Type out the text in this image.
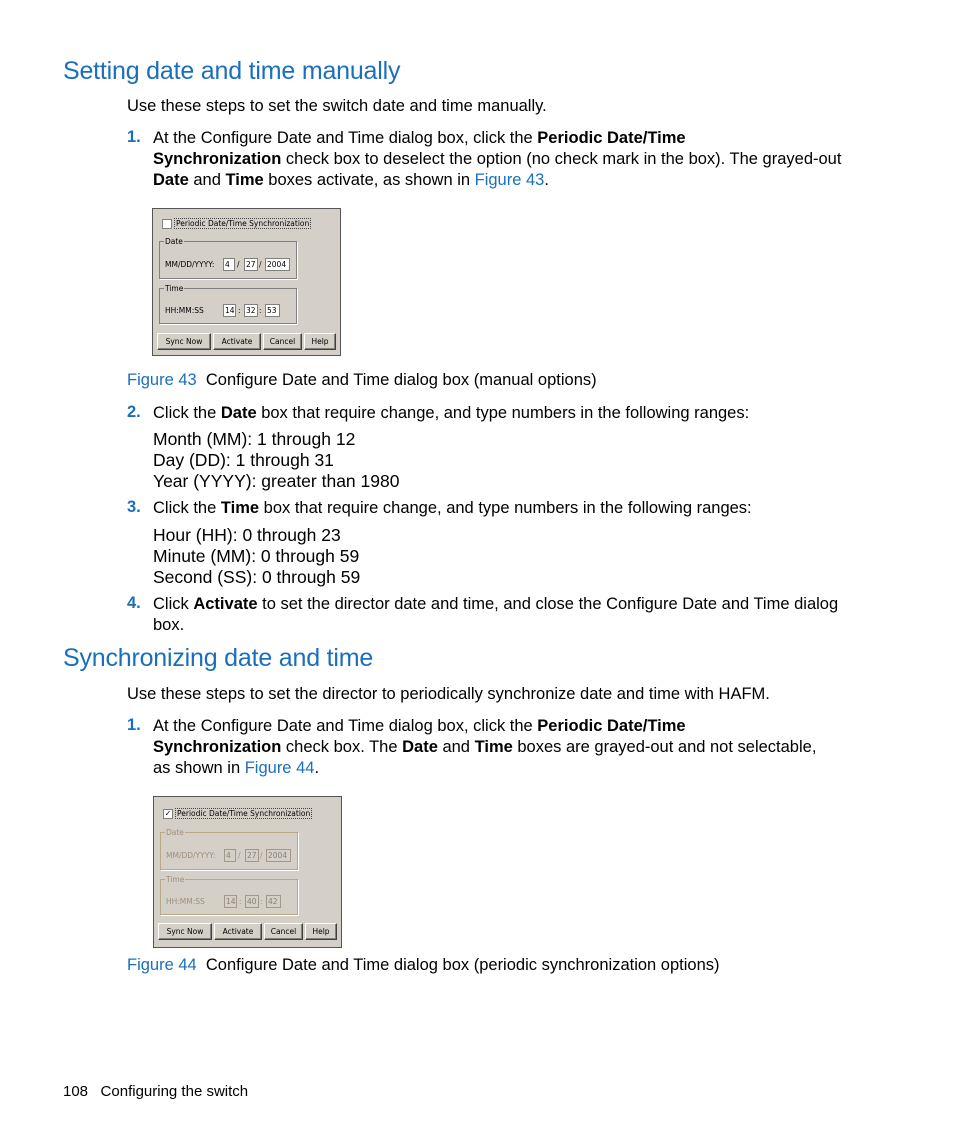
Setting date and time manually
Use these steps to set the switch date and time manually.
1. At the Configure Date and Time dialog box, click the Periodic Date/Time
Synchronization check box to deselect the option (no check mark in the box). The grayed-out
Date and Time boxes activate, as shown in Figure 43.
Periodic Date/Time Synchronization
Date
MM/DD/YYYY: 4 / 27 / 2004
Time
HH:MM:SS	14 : 32 : 53
Sync Now	Activate	Cancel	Help
Figure 43 Configure Date and Time dialog box (manual options)
2. Click the Date box that require change, and type numbers in the following ranges:
Month (MM): 1 through 12
Day (DD): 1 through 31
Year (YYYY): greater than 1980
3. Click the Time box that require change, and type numbers in the following ranges:
Hour (HH): 0 through 23
Minute (MM): 0 through 59
Second (SS): 0 through 59
4. Click Activate to set the director date and time, and close the Configure Date and Time dialog
box.
Synchronizing date and time
Use these steps to set the director to periodically synchronize date and time with HAFM.
1. At the Configure Date and Time dialog box, click the Periodic Date/Time
Synchronization check box. The Date and Time boxes are grayed-out and not selectable,
as shown in Figure 44.
✓ Periodic Date/Time Synchronization
Date
MM/DD/YYYY: 4 / 27 / 2004
Time
HH:MM:SS	14 : 40 : 42
Sync Now	Activate	Cancel	Help
Figure 44 Configure Date and Time dialog box (periodic synchronization options)
108 Configuring the switch
